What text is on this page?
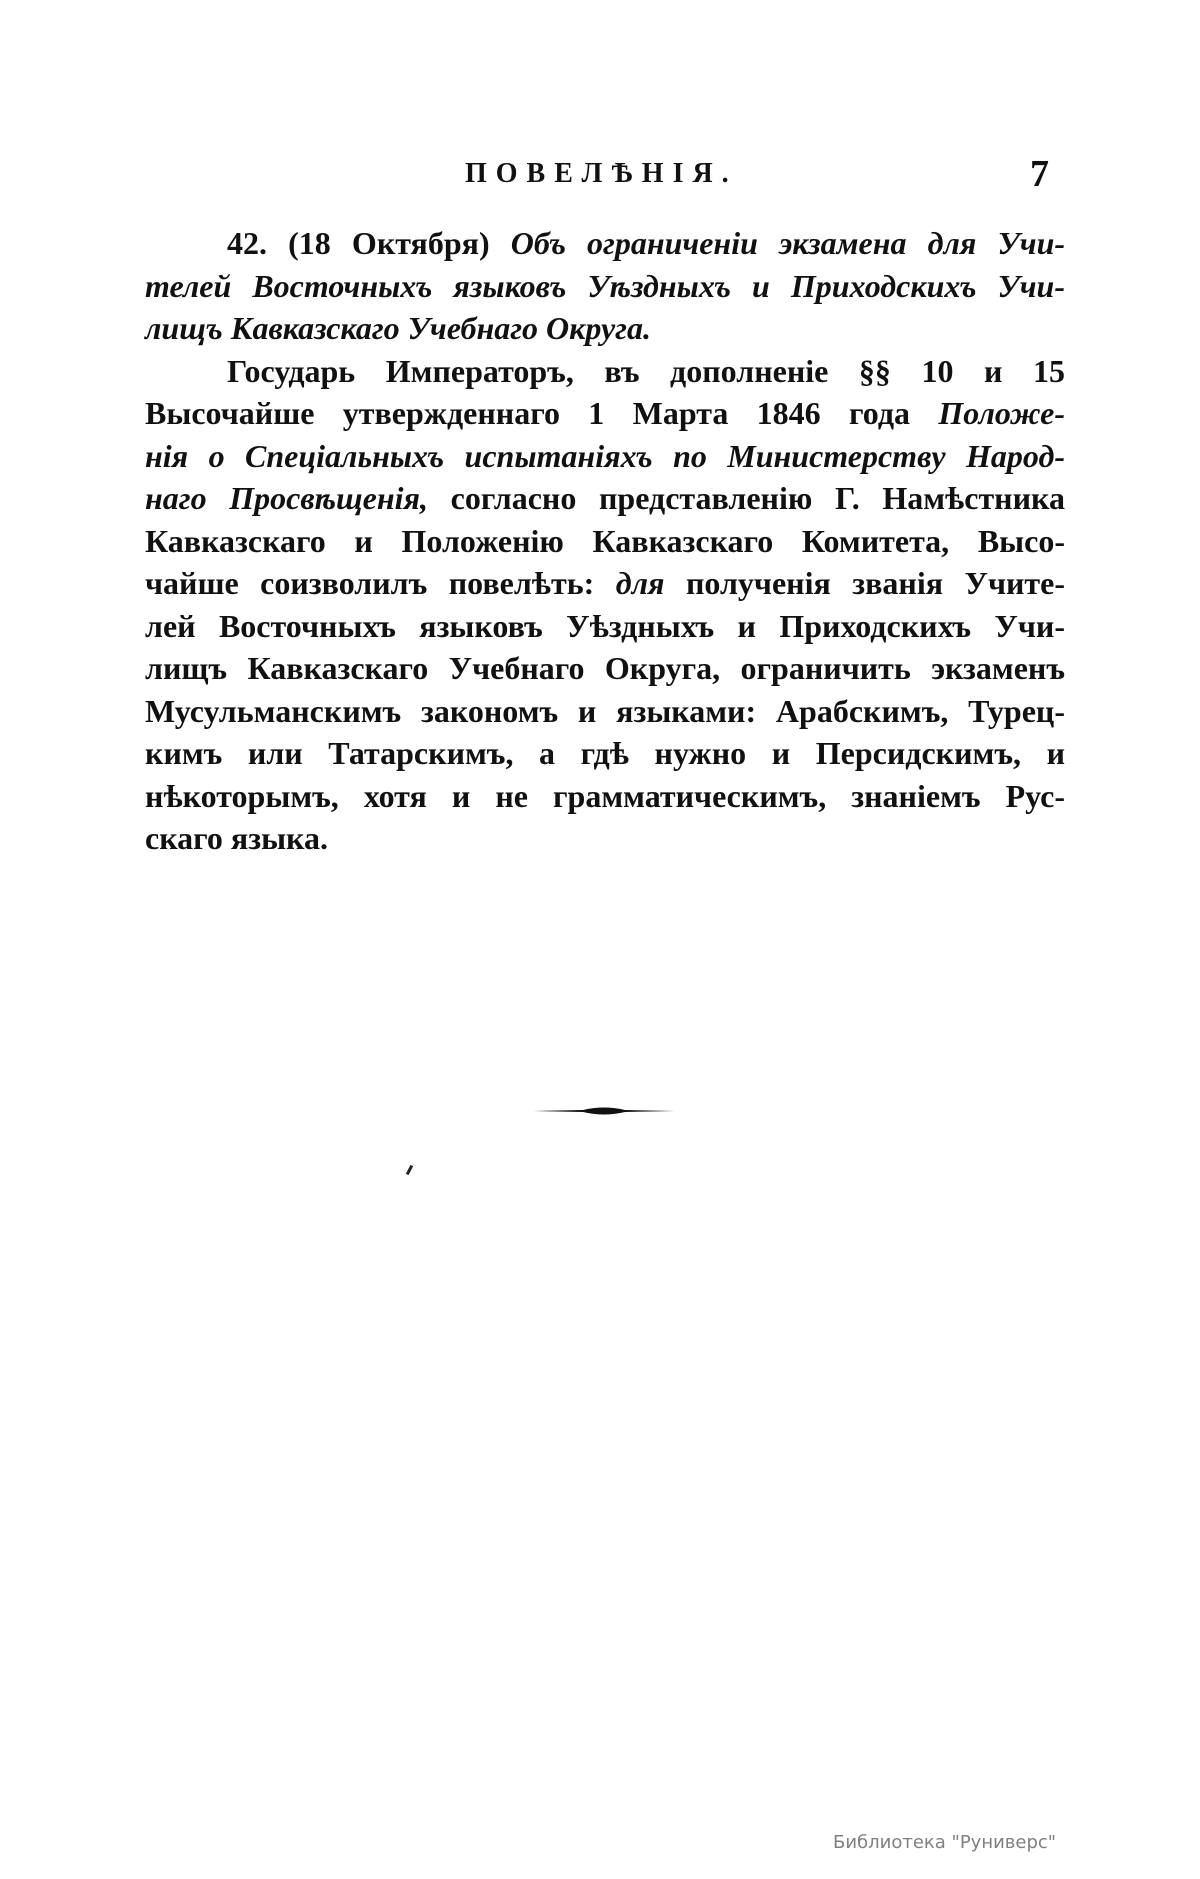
ПОВЕЛѢНІЯ.	7
42. (18 Октября) Объ ограниченіи экзамена для Учи-
телей Восточныхъ языковъ Уѣздныхъ и Приходскихъ Учи-
лищъ Кавказскаго Учебнаго Округа.
Государь Императоръ, въ дополненіе §§ 10 и 15
Высочайше утвержденнаго 1 Марта 1846 года Положе-
нія о Спеціальныхъ испытаніяхъ по Министерству Народ-
наго Просвѣщенія, согласно представленію Г. Намѣстника
Кавказскаго и Положенію Кавказскаго Комитета, Высо-
чайше соизволилъ повелѣть: для полученія званія Учите-
лей Восточныхъ языковъ Уѣздныхъ и Приходскихъ Учи-
лищъ Кавказскаго Учебнаго Округа, ограничить экзаменъ
Мусульманскимъ закономъ и языками: Арабскимъ, Турец-
кимъ или Татарскимъ, а гдѣ нужно и Персидскимъ, и
нѣкоторымъ, хотя и не грамматическимъ, знаніемъ Рус-
скаго языка.
Библиотека "Руниверс"
